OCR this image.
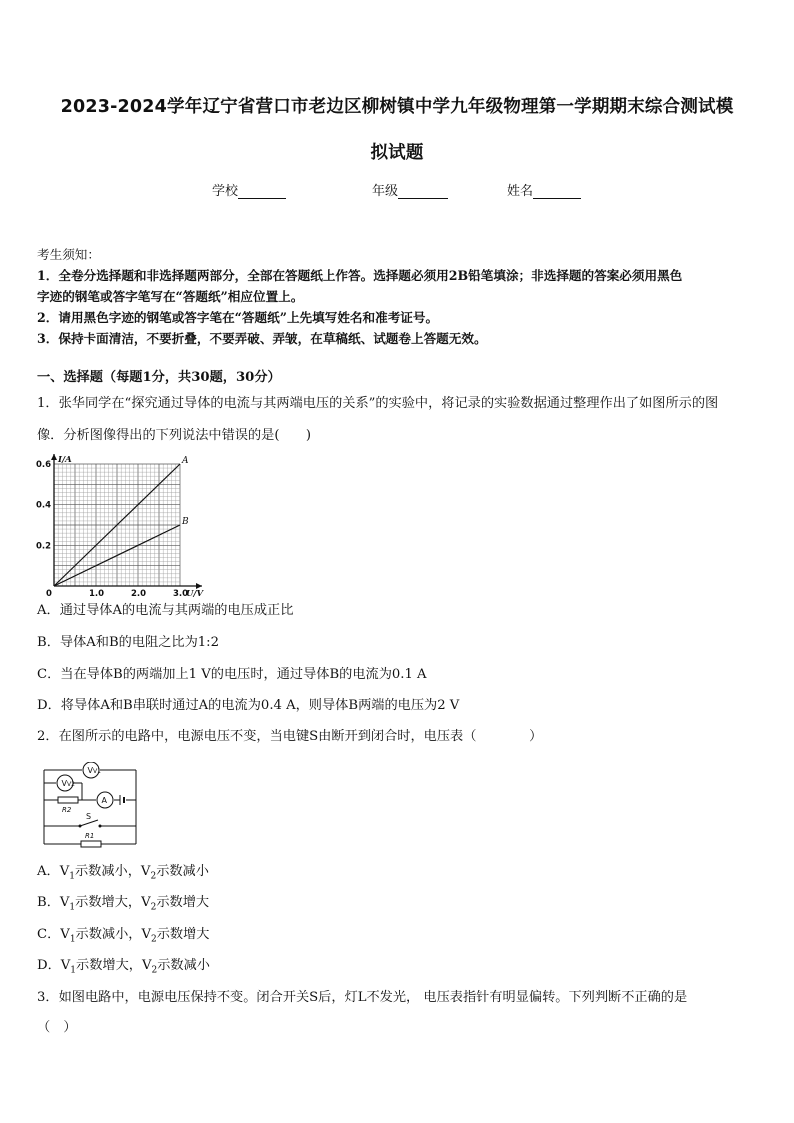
2023-2024学年辽宁省营口市老边区柳树镇中学九年级物理第一学期期末综合测试模
拟试题
学校	年级	姓名
考生须知：
1．全卷分选择题和非选择题两部分，全部在答题纸上作答。选择题必须用2B铅笔填涂；非选择题的答案必须用黑色
字迹的钢笔或答字笔写在“答题纸”相应位置上。
2．请用黑色字迹的钢笔或答字笔在“答题纸”上先填写姓名和准考证号。
3．保持卡面清洁，不要折叠，不要弄破、弄皱，在草稿纸、试题卷上答题无效。
一、选择题（每题1分，共30题，30分）
1．张华同学在“探究通过导体的电流与其两端电压的关系”的实验中，将记录的实验数据通过整理作出了如图所示的图
像．分析图像得出的下列说法中错误的是(　　)
A
B
1.0	2.0	3.0
0.2
0.4
0.6
0	U/V
I/A
A．通过导体A的电流与其两端的电压成正比
B．导体A和B的电阻之比为1:2
C．当在导体B的两端加上1 V的电压时，通过导体B的电流为0.1 A
D．将导体A和B串联时通过A的电流为0.4 A，则导体B两端的电压为2 V
2．在图所示的电路中，电源电压不变，当电键S由断开到闭合时，电压表（　　　　）
VV1
VV2
A
S
R2
R1
A．$V_1$示数减小，$V_2$示数减小
B．$V_1$示数增大，$V_2$示数增大
C．$V_1$示数减小，$V_2$示数增大
D．$V_1$示数增大，$V_2$示数减小
3．如图电路中，电源电压保持不变。闭合开关S后，灯L不发光， 电压表指针有明显偏转。下列判断不正确的是
（　）
